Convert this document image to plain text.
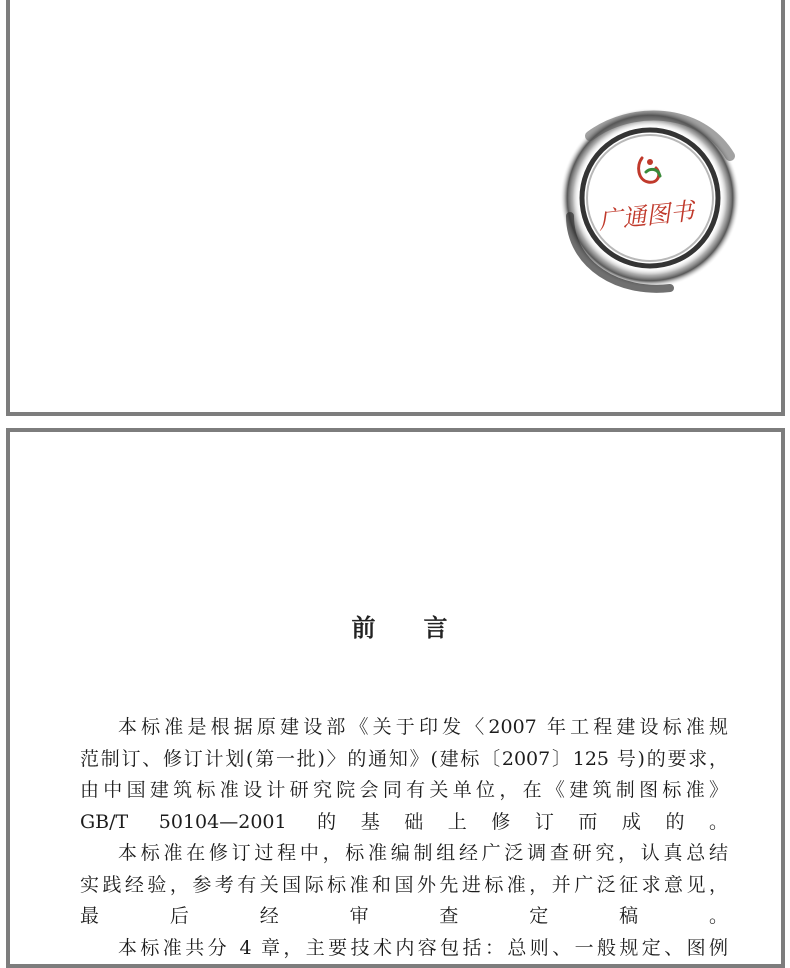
广通图书
前言

本标准是根据原建设部《关于印发〈2007 年工程建设标准规
范制订、修订计划(第一批)〉的通知》(建标〔2007〕125 号)的要求，
由中国建筑标准设计研究院会同有关单位，在《建筑制图标准》
GB/T 50104—2001 的基础上修订而成的。

本标准在修订过程中，标准编制组经广泛调查研究，认真总结
实践经验，参考有关国际标准和国外先进标准，并广泛征求意见，
最后经审查定稿。

本标准共分 4 章，主要技术内容包括：总则、一般规定、图例
